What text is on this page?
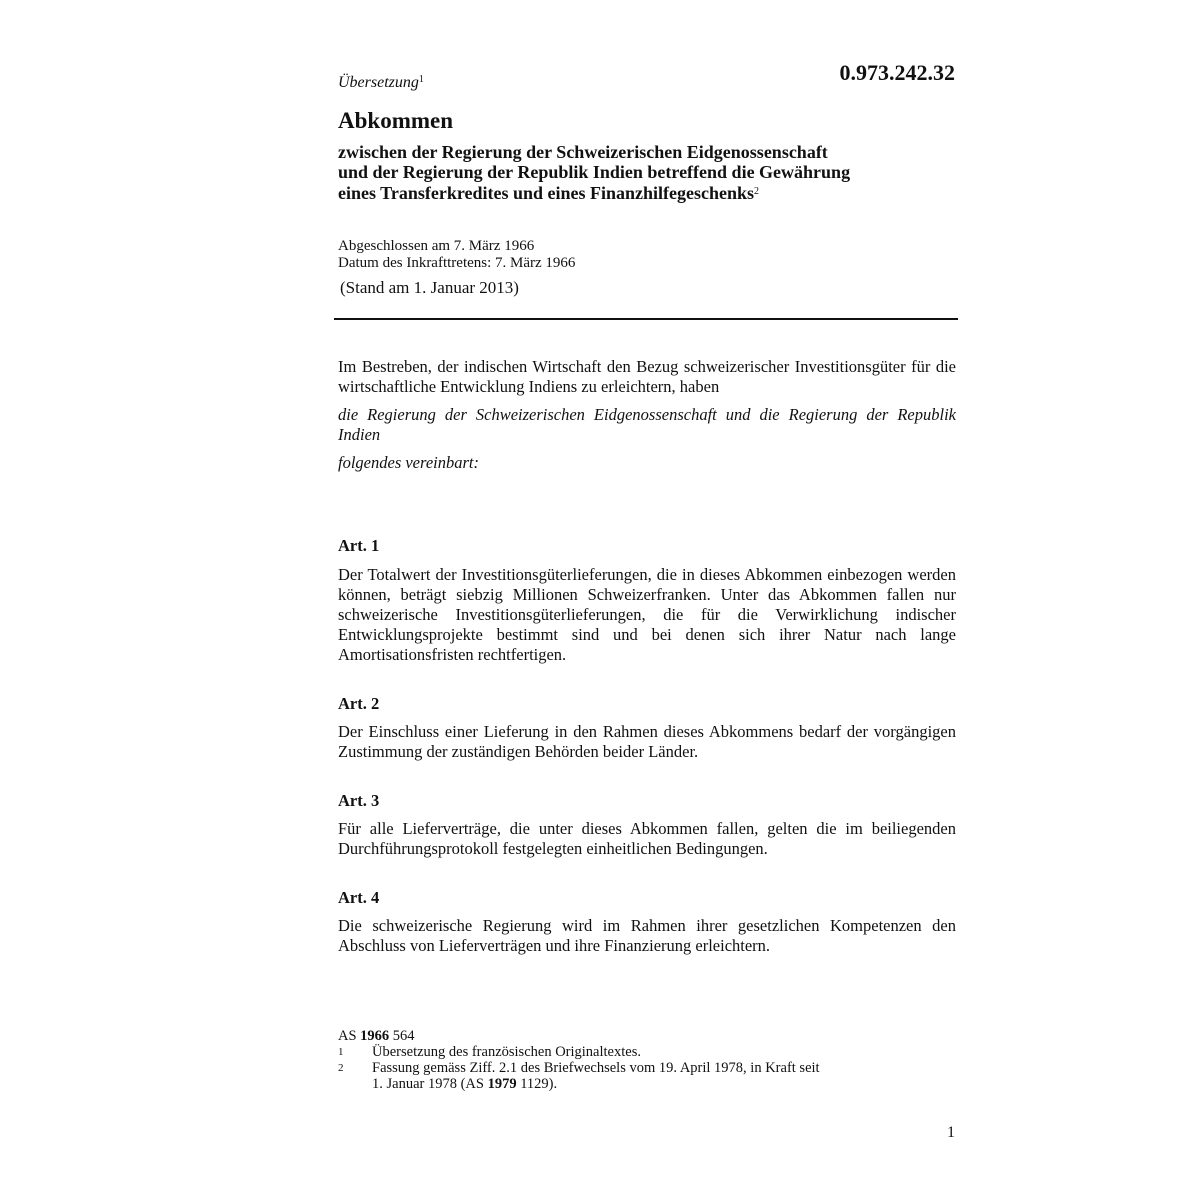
Übersetzung$^1$	0.973.242.32
Abkommen
zwischen der Regierung der Schweizerischen Eidgenossenschaft
und der Regierung der Republik Indien betreffend die Gewährung
eines Transferkredites und eines Finanzhilfegeschenks$^2$
Abgeschlossen am 7. März 1966
Datum des Inkrafttretens: 7. März 1966
(Stand am 1. Januar 2013)

Im Bestreben, der indischen Wirtschaft den Bezug schweizerischer Investitionsgüter für die wirtschaftliche Entwicklung Indiens zu erleichtern, haben

die Regierung der Schweizerischen Eidgenossenschaft und die Regierung der Republik Indien

folgendes vereinbart:

Art. 1

Der Totalwert der Investitionsgüterlieferungen, die in dieses Abkommen einbezogen werden können, beträgt siebzig Millionen Schweizerfranken. Unter das Abkommen fallen nur schweizerische Investitionsgüterlieferungen, die für die Verwirklichung indischer Entwicklungsprojekte bestimmt sind und bei denen sich ihrer Natur nach lange Amortisationsfristen rechtfertigen.

Art. 2

Der Einschluss einer Lieferung in den Rahmen dieses Abkommens bedarf der vorgängigen Zustimmung der zuständigen Behörden beider Länder.

Art. 3

Für alle Lieferverträge, die unter dieses Abkommen fallen, gelten die im beiliegenden Durchführungsprotokoll festgelegten einheitlichen Bedingungen.

Art. 4

Die schweizerische Regierung wird im Rahmen ihrer gesetzlichen Kompetenzen den Abschluss von Lieferverträgen und ihre Finanzierung erleichtern.

AS 1966 564
1	Übersetzung des französischen Originaltextes.
2	Fassung gemäss Ziff. 2.1 des Briefwechsels vom 19. April 1978, in Kraft seit
1. Januar 1978 (AS 1979 1129).
1
